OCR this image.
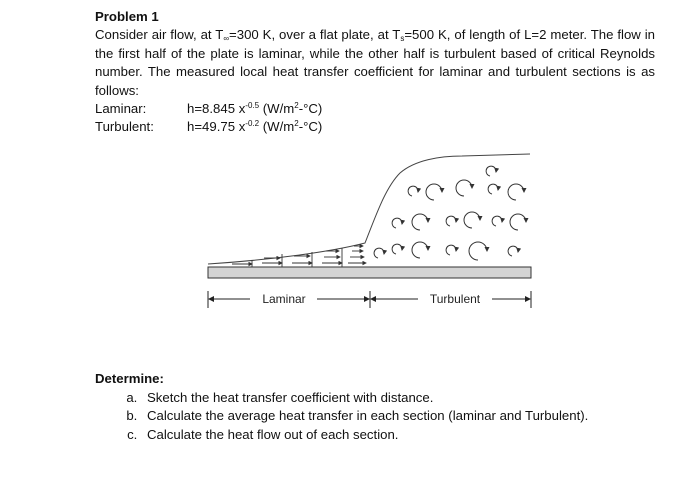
Problem 1
Consider air flow, at $T_\infty=300$ K, over a flat plate, at $T_s=500$ K, of length of L=2 meter. The flow in the first half of the plate is laminar, while the other half is turbulent based of critical Reynolds number. The measured local heat transfer coefficient for laminar and turbulent sections is as follows:
Laminar:	h=8.845 $x^{-0.5}$ $(W/m^2-^\circ C)$
Turbulent:	h=49.75 $x^{-0.2}$ $(W/m^2-^\circ C)$
Laminar	Turbulent
Determine:
a. Sketch the heat transfer coefficient with distance.
b. Calculate the average heat transfer in each section (laminar and Turbulent).
c. Calculate the heat flow out of each section.
